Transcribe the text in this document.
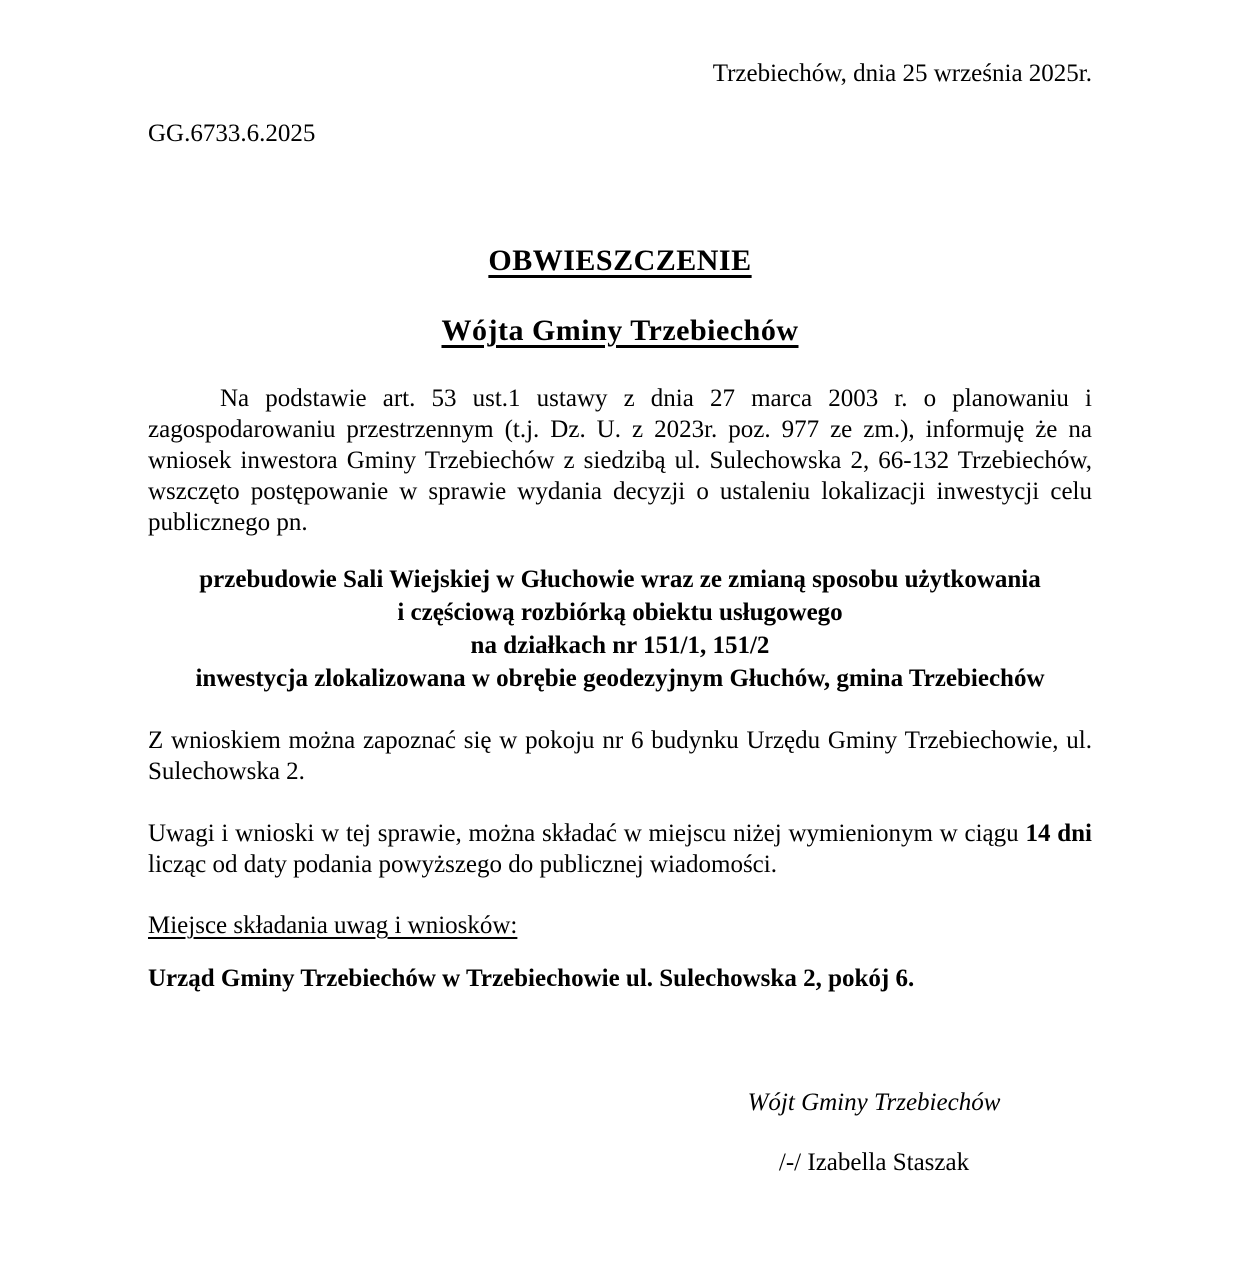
Trzebiechów, dnia 25 września 2025r.

GG.6733.6.2025

OBWIESZCZENIE
Wójta Gminy Trzebiechów

Na podstawie art. 53 ust.1 ustawy z dnia 27 marca 2003 r. o planowaniu i zagospodarowaniu przestrzennym (t.j. Dz. U. z 2023r. poz. 977 ze zm.), informuję że na wniosek inwestora Gminy Trzebiechów z siedzibą ul. Sulechowska 2, 66-132 Trzebiechów, wszczęto postępowanie w sprawie wydania decyzji o ustaleniu lokalizacji inwestycji celu publicznego pn.

przebudowie Sali Wiejskiej w Głuchowie wraz ze zmianą sposobu użytkowania
i częściową rozbiórką obiektu usługowego
na działkach nr 151/1, 151/2
inwestycja zlokalizowana w obrębie geodezyjnym Głuchów, gmina Trzebiechów

Z wnioskiem można zapoznać się w pokoju nr 6 budynku Urzędu Gminy Trzebiechowie, ul. Sulechowska 2.

Uwagi i wnioski w tej sprawie, można składać w miejscu niżej wymienionym w ciągu 14 dni licząc od daty podania powyższego do publicznej wiadomości.

Miejsce składania uwag i wniosków:

Urząd Gminy Trzebiechów w Trzebiechowie ul. Sulechowska 2, pokój 6.

Wójt Gminy Trzebiechów

/-/ Izabella Staszak
